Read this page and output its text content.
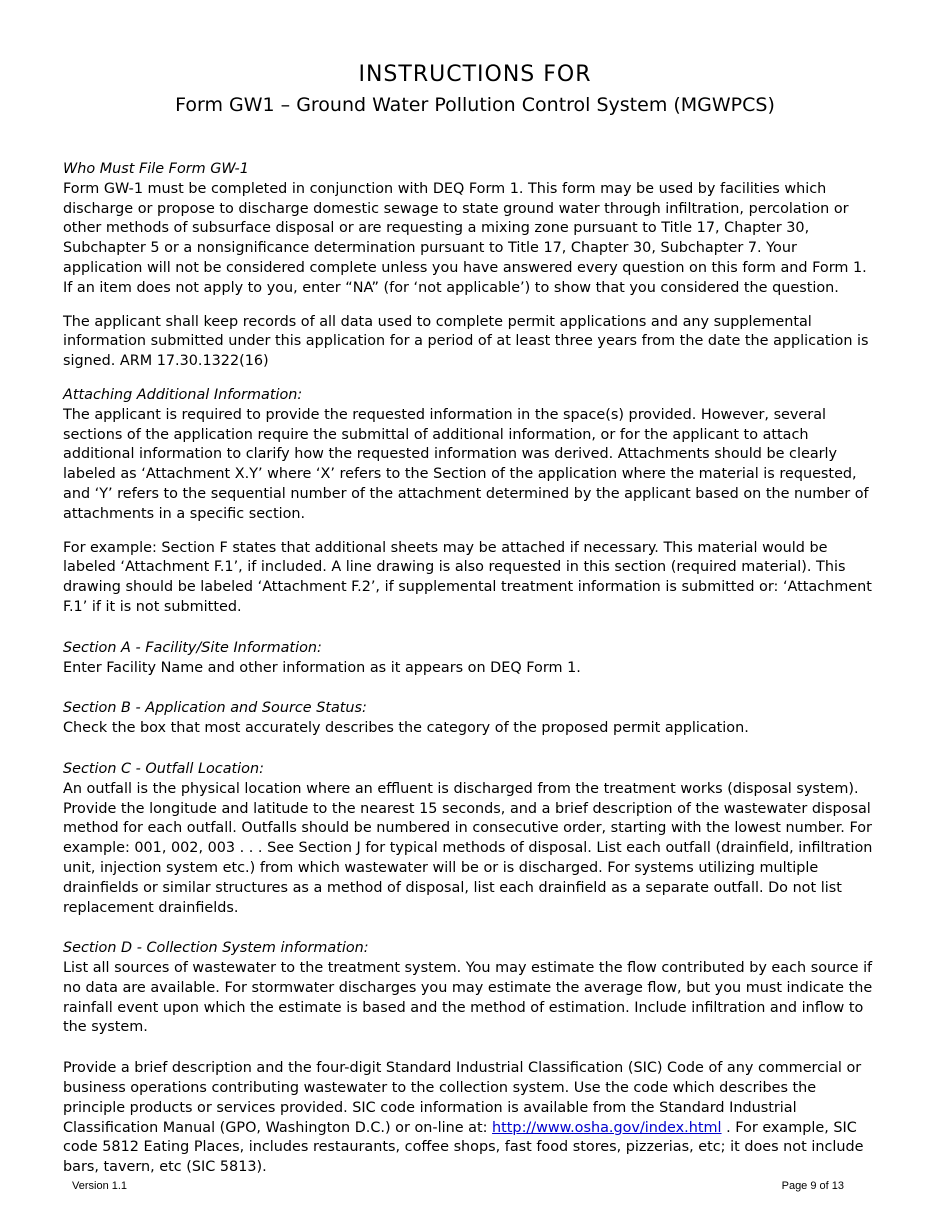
INSTRUCTIONS FOR
Form GW1 – Ground Water Pollution Control System (MGWPCS)

Who Must File Form GW-1

Form GW-1 must be completed in conjunction with DEQ Form 1. This form may be used by facilities which discharge or propose to discharge domestic sewage to state ground water through infiltration, percolation or other methods of subsurface disposal or are requesting a mixing zone pursuant to Title 17, Chapter 30, Subchapter 5 or a nonsignificance determination pursuant to Title 17, Chapter 30, Subchapter 7. Your application will not be considered complete unless you have answered every question on this form and Form 1. If an item does not apply to you, enter “NA” (for ‘not applicable’) to show that you considered the question.

The applicant shall keep records of all data used to complete permit applications and any supplemental information submitted under this application for a period of at least three years from the date the application is signed. ARM 17.30.1322(16)

Attaching Additional Information:

The applicant is required to provide the requested information in the space(s) provided. However, several sections of the application require the submittal of additional information, or for the applicant to attach additional information to clarify how the requested information was derived. Attachments should be clearly labeled as ‘Attachment X.Y’ where ‘X’ refers to the Section of the application where the material is requested, and ‘Y’ refers to the sequential number of the attachment determined by the applicant based on the number of attachments in a specific section.

For example: Section F states that additional sheets may be attached if necessary. This material would be labeled ‘Attachment F.1’, if included. A line drawing is also requested in this section (required material). This drawing should be labeled ‘Attachment F.2’, if supplemental treatment information is submitted or: ‘Attachment F.1’ if it is not submitted.

Section A - Facility/Site Information:

Enter Facility Name and other information as it appears on DEQ Form 1.

Section B - Application and Source Status:

Check the box that most accurately describes the category of the proposed permit application.

Section C - Outfall Location:

An outfall is the physical location where an effluent is discharged from the treatment works (disposal system). Provide the longitude and latitude to the nearest 15 seconds, and a brief description of the wastewater disposal method for each outfall. Outfalls should be numbered in consecutive order, starting with the lowest number. For example: 001, 002, 003 . . . See Section J for typical methods of disposal. List each outfall (drainfield, infiltration unit, injection system etc.) from which wastewater will be or is discharged. For systems utilizing multiple drainfields or similar structures as a method of disposal, list each drainfield as a separate outfall. Do not list replacement drainfields.

Section D - Collection System information:

List all sources of wastewater to the treatment system. You may estimate the flow contributed by each source if no data are available. For stormwater discharges you may estimate the average flow, but you must indicate the rainfall event upon which the estimate is based and the method of estimation. Include infiltration and inflow to the system.

Provide a brief description and the four-digit Standard Industrial Classification (SIC) Code of any commercial or business operations contributing wastewater to the collection system. Use the code which describes the principle products or services provided. SIC code information is available from the Standard Industrial Classification Manual (GPO, Washington D.C.) or on-line at: http://www.osha.gov/index.html . For example, SIC code 5812 Eating Places, includes restaurants, coffee shops, fast food stores, pizzerias, etc; it does not include bars, tavern, etc (SIC 5813).

Version 1.1	Page 9 of 13
